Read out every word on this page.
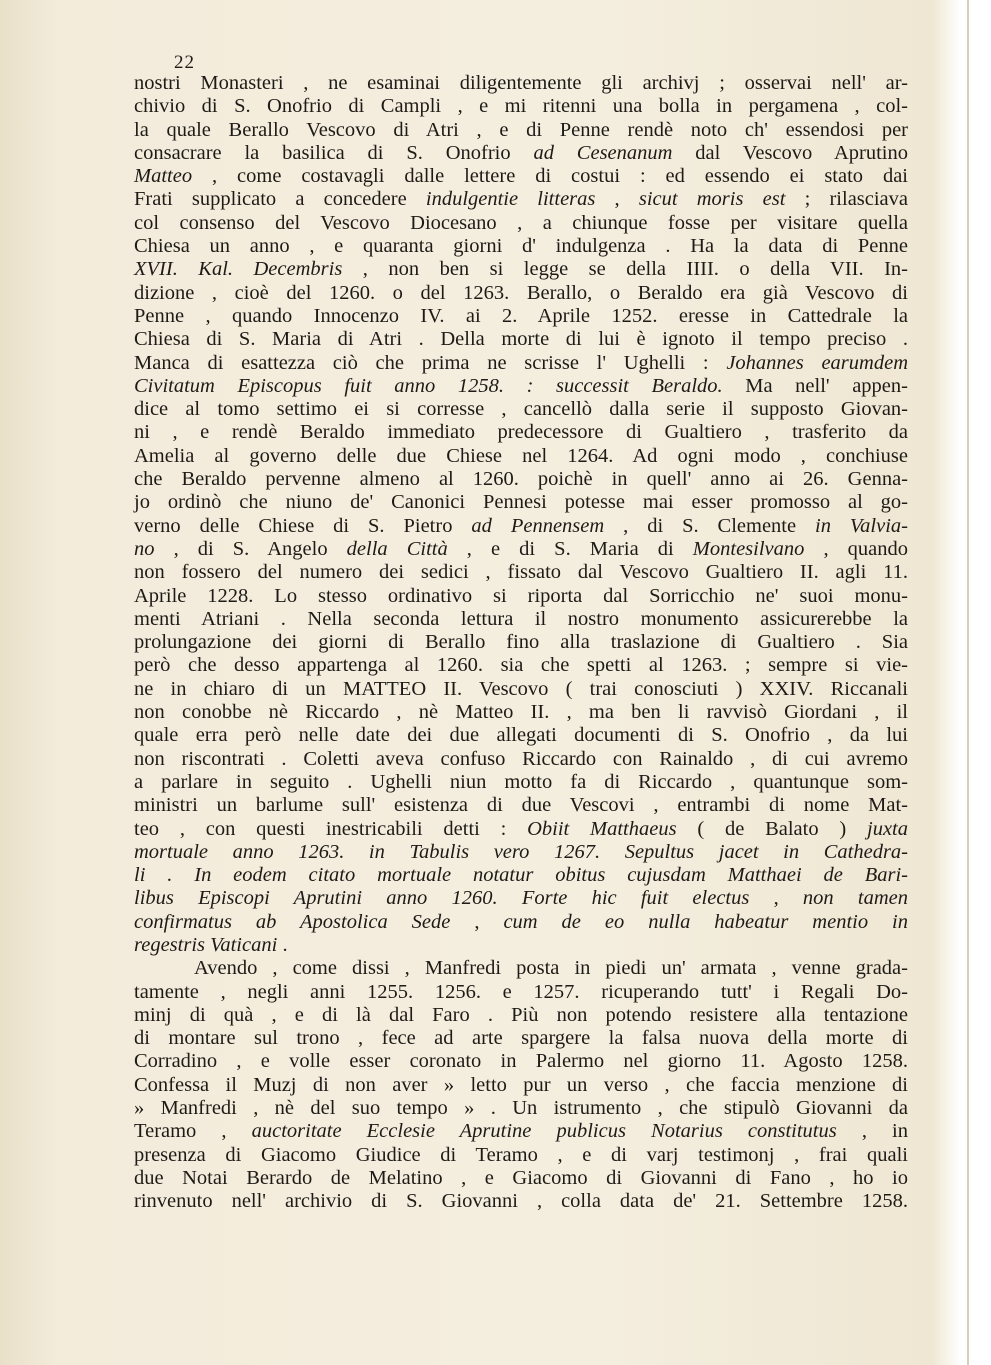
22
nostri Monasteri , ne esaminai diligentemente gli archivj ; osservai nell' ar-
chivio di S. Onofrio di Campli , e mi ritenni una bolla in pergamena , col-
la quale Berallo Vescovo di Atri , e di Penne rendè noto ch' essendosi per
consacrare la basilica di S. Onofrio ad Cesenanum dal Vescovo Aprutino
Matteo , come costavagli dalle lettere di costui : ed essendo ei stato dai
Frati supplicato a concedere indulgentie litteras , sicut moris est ; rilasciava
col consenso del Vescovo Diocesano , a chiunque fosse per visitare quella
Chiesa un anno , e quaranta giorni d' indulgenza . Ha la data di Penne
XVII. Kal. Decembris , non ben si legge se della IIII. o della VII. In-
dizione , cioè del 1260. o del 1263. Berallo, o Beraldo era già Vescovo di
Penne , quando Innocenzo IV. ai 2. Aprile 1252. eresse in Cattedrale la
Chiesa di S. Maria di Atri . Della morte di lui è ignoto il tempo preciso .
Manca di esattezza ciò che prima ne scrisse l' Ughelli : Johannes earumdem
Civitatum Episcopus fuit anno 1258. : successit Beraldo. Ma nell' appen-
dice al tomo settimo ei si corresse , cancellò dalla serie il supposto Giovan-
ni , e rendè Beraldo immediato predecessore di Gualtiero , trasferito da
Amelia al governo delle due Chiese nel 1264. Ad ogni modo , conchiuse
che Beraldo pervenne almeno al 1260. poichè in quell' anno ai 26. Genna-
jo ordinò che niuno de' Canonici Pennesi potesse mai esser promosso al go-
verno delle Chiese di S. Pietro ad Pennensem , di S. Clemente in Valvia-
no , di S. Angelo della Città , e di S. Maria di Montesilvano , quando
non fossero del numero dei sedici , fissato dal Vescovo Gualtiero II. agli 11.
Aprile 1228. Lo stesso ordinativo si riporta dal Sorricchio ne' suoi monu-
menti Atriani . Nella seconda lettura il nostro monumento assicurerebbe la
prolungazione dei giorni di Berallo fino alla traslazione di Gualtiero . Sia
però che desso appartenga al 1260. sia che spetti al 1263. ; sempre si vie-
ne in chiaro di un MATTEO II. Vescovo ( trai conosciuti ) XXIV. Riccanali
non conobbe nè Riccardo , nè Matteo II. , ma ben li ravvisò Giordani , il
quale erra però nelle date dei due allegati documenti di S. Onofrio , da lui
non riscontrati . Coletti aveva confuso Riccardo con Rainaldo , di cui avremo
a parlare in seguito . Ughelli niun motto fa di Riccardo , quantunque som-
ministri un barlume sull' esistenza di due Vescovi , entrambi di nome Mat-
teo , con questi inestricabili detti : Obiit Matthaeus ( de Balato ) juxta
mortuale anno 1263. in Tabulis vero 1267. Sepultus jacet in Cathedra-
li . In eodem citato mortuale notatur obitus cujusdam Matthaei de Bari-
libus Episcopi Aprutini anno 1260. Forte hic fuit electus , non tamen
confirmatus ab Apostolica Sede , cum de eo nulla habeatur mentio in
regestris Vaticani .
Avendo , come dissi , Manfredi posta in piedi un' armata , venne grada-
tamente , negli anni 1255. 1256. e 1257. ricuperando tutt' i Regali Do-
minj di quà , e di là dal Faro . Più non potendo resistere alla tentazione
di montare sul trono , fece ad arte spargere la falsa nuova della morte di
Corradino , e volle esser coronato in Palermo nel giorno 11. Agosto 1258.
Confessa il Muzj di non aver » letto pur un verso , che faccia menzione di
» Manfredi , nè del suo tempo » . Un istrumento , che stipulò Giovanni da
Teramo , auctoritate Ecclesie Aprutine publicus Notarius constitutus , in
presenza di Giacomo Giudice di Teramo , e di varj testimonj , frai quali
due Notai Berardo de Melatino , e Giacomo di Giovanni di Fano , ho io
rinvenuto nell' archivio di S. Giovanni , colla data de' 21. Settembre 1258.
